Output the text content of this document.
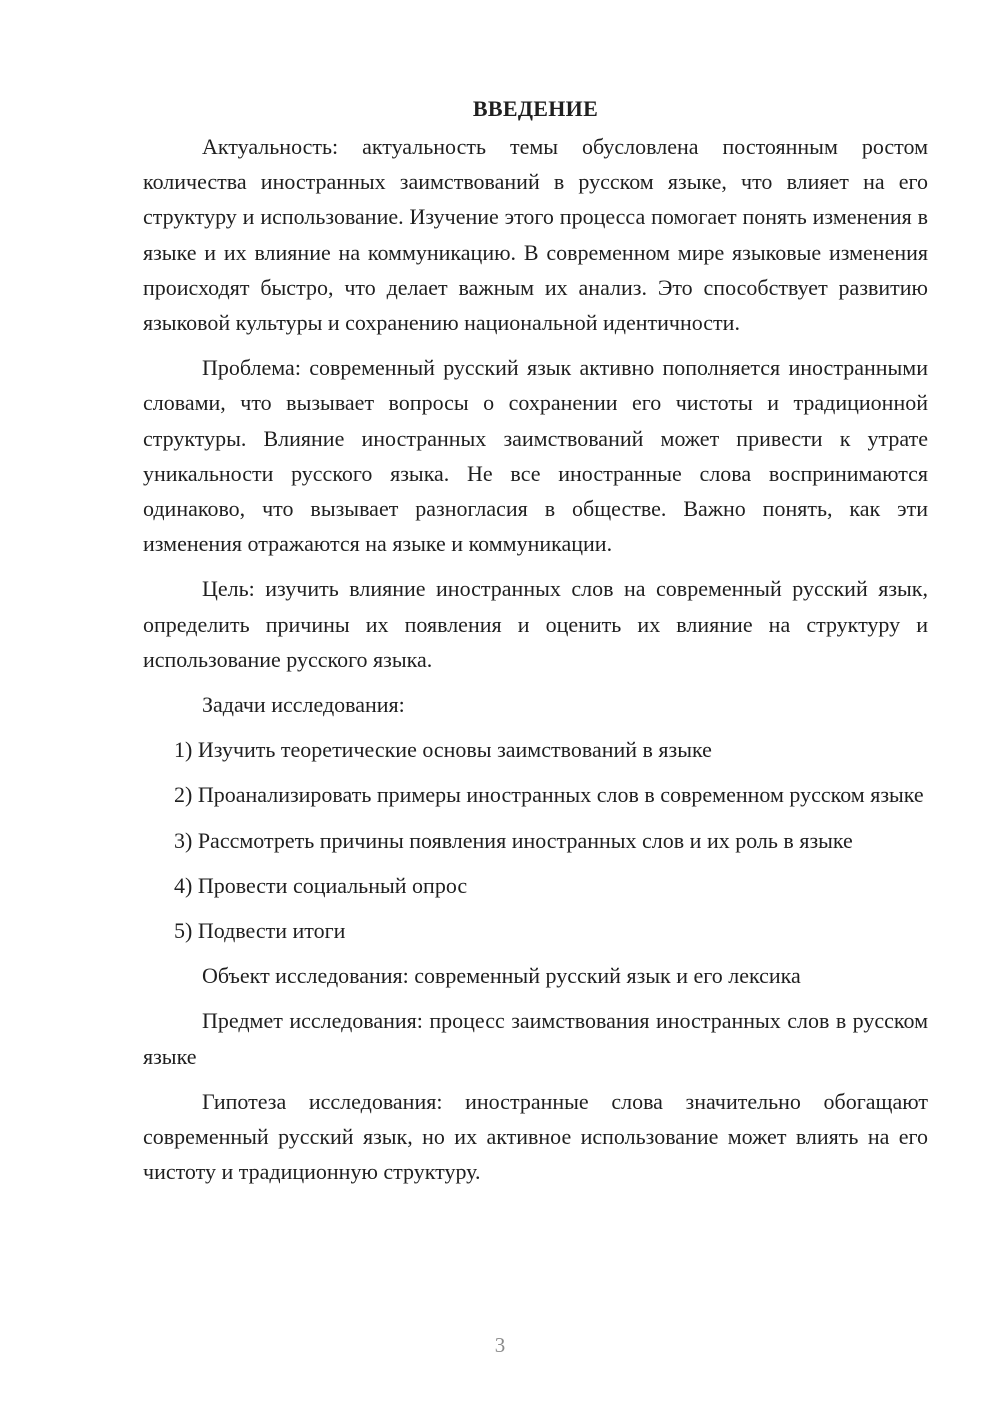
ВВЕДЕНИЕ

Актуальность: актуальность темы обусловлена постоянным ростом количества иностранных заимствований в русском языке, что влияет на его структуру и использование. Изучение этого процесса помогает понять изменения в языке и их влияние на коммуникацию. В современном мире языковые изменения происходят быстро, что делает важным их анализ. Это способствует развитию языковой культуры и сохранению национальной идентичности.

Проблема: современный русский язык активно пополняется иностранными словами, что вызывает вопросы о сохранении его чистоты и традиционной структуры. Влияние иностранных заимствований может привести к утрате уникальности русского языка. Не все иностранные слова воспринимаются одинаково, что вызывает разногласия в обществе. Важно понять, как эти изменения отражаются на языке и коммуникации.

Цель: изучить влияние иностранных слов на современный русский язык, определить причины их появления и оценить их влияние на структуру и использование русского языка.

Задачи исследования:

1) Изучить теоретические основы заимствований в языке

2) Проанализировать примеры иностранных слов в современном русском языке

3) Рассмотреть причины появления иностранных слов и их роль в языке

4) Провести социальный опрос

5) Подвести итоги

Объект исследования: современный русский язык и его лексика

Предмет исследования: процесс заимствования иностранных слов в русском языке

Гипотеза исследования: иностранные слова значительно обогащают современный русский язык, но их активное использование может влиять на его чистоту и традиционную структуру.

3
